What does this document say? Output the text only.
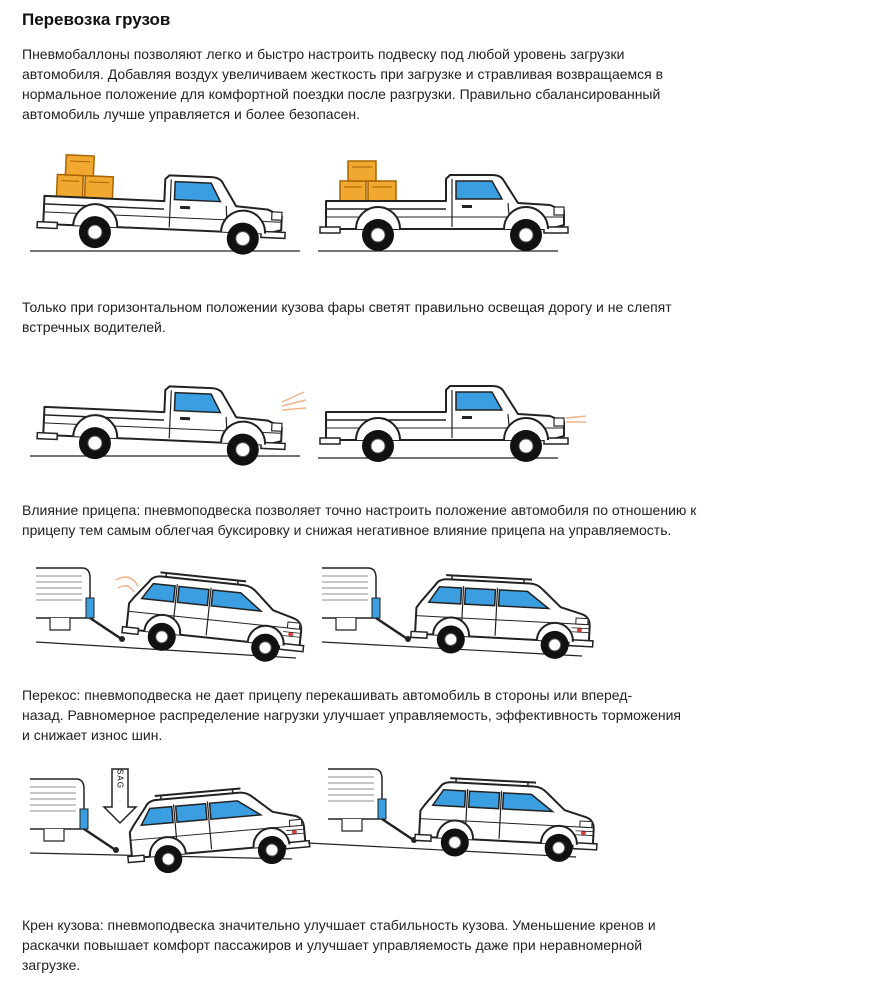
Перевозка грузов

Пневмобаллоны позволяют легко и быстро настроить подвеску под любой уровень загрузки
автомобиля. Добавляя воздух увеличиваем жесткость при загрузке и стравливая возвращаемся в
нормальное положение для комфортной поездки после разгрузки. Правильно сбалансированный
автомобиль лучше управляется и более безопасен.

Только при горизонтальном положении кузова фары светят правильно освещая дорогу и не слепят
встречных водителей.

Влияние прицепа: пневмоподвеска позволяет точно настроить положение автомобиля по отношению к
прицепу тем самым облегчая буксировку и снижая негативное влияние прицепа на управляемость.

Перекос: пневмоподвеска не дает прицепу перекашивать автомобиль в стороны или вперед-
назад. Равномерное распределение нагрузки улучшает управляемость, эффективность торможения
и снижает износ шин.

Крен кузова: пневмоподвеска значительно улучшает стабильность кузова. Уменьшение кренов и
раскачки повышает комфорт пассажиров и улучшает управляемость даже при неравномерной
загрузке.

SAG
